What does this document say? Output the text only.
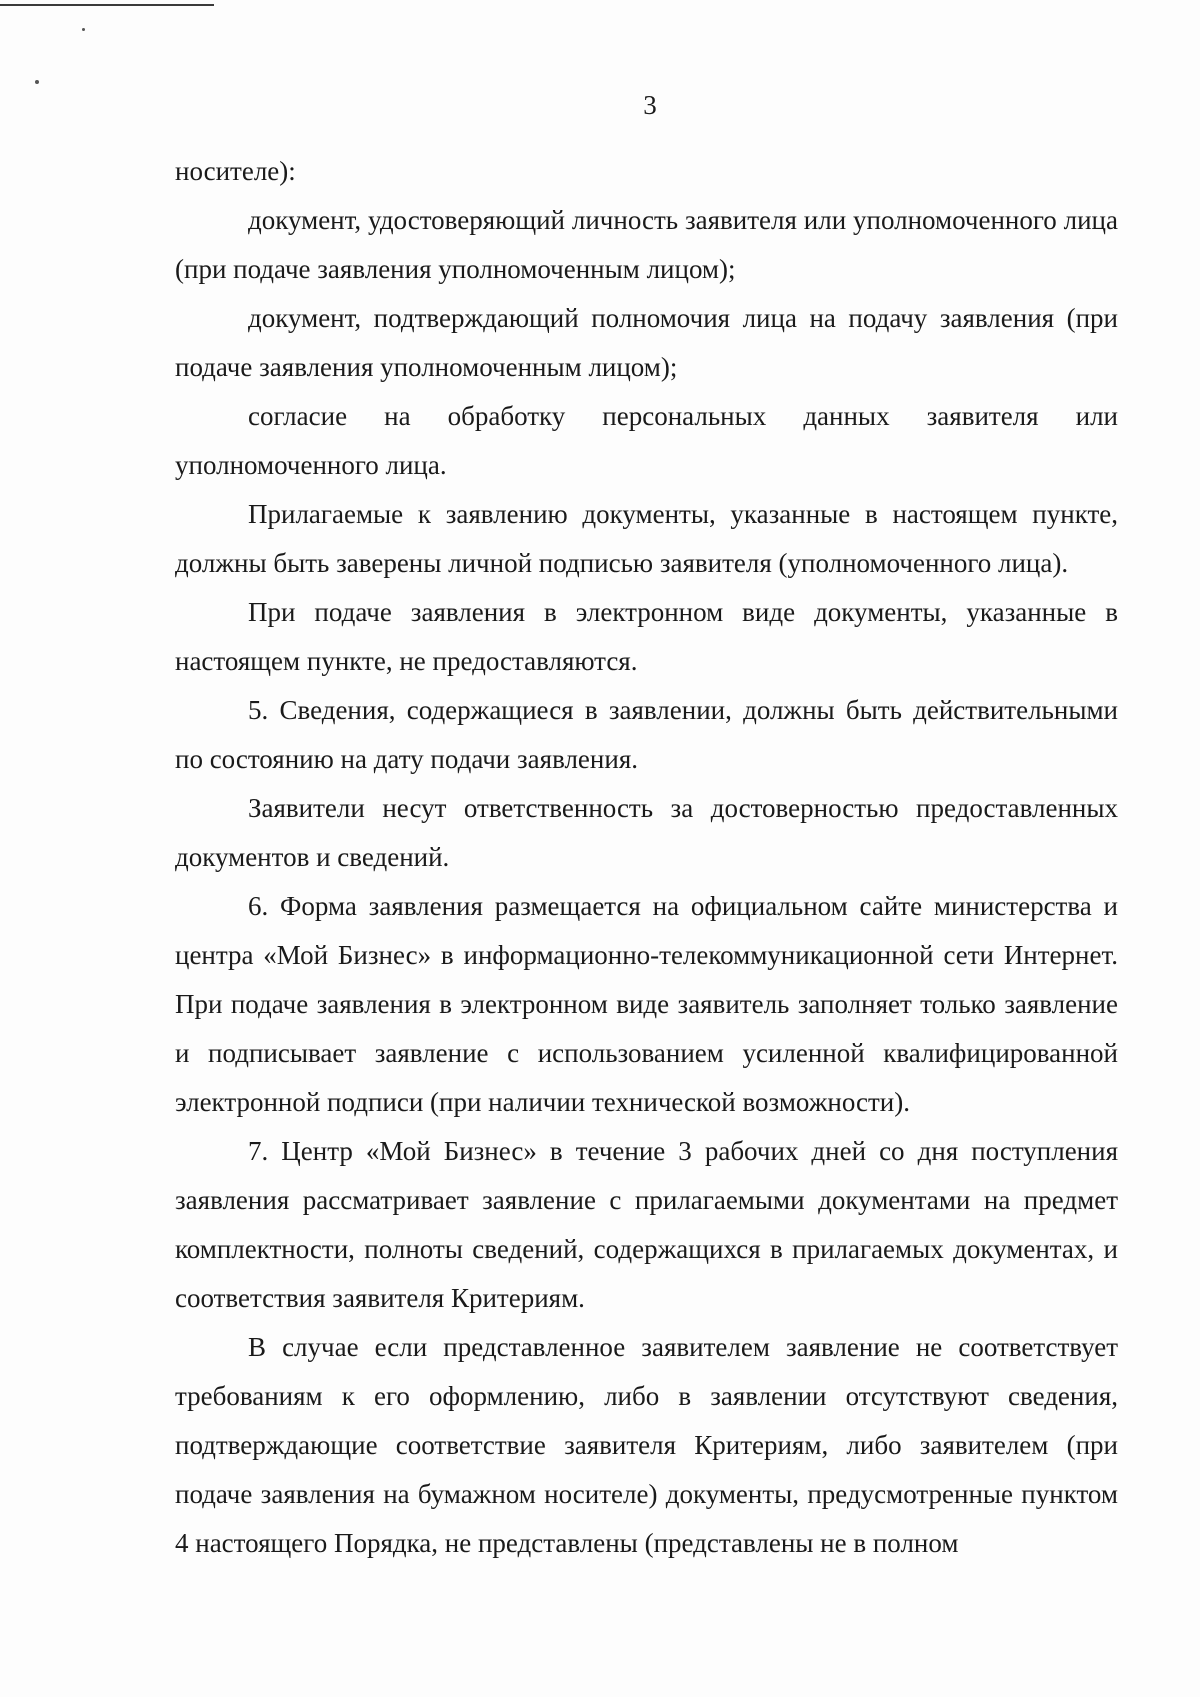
3

носителе):

документ, удостоверяющий личность заявителя или уполномоченного лица (при подаче заявления уполномоченным лицом);

документ, подтверждающий полномочия лица на подачу заявления (при подаче заявления уполномоченным лицом);

согласие на обработку персональных данных заявителя или уполномоченного лица.

Прилагаемые к заявлению документы, указанные в настоящем пункте, должны быть заверены личной подписью заявителя (уполномоченного лица).

При подаче заявления в электронном виде документы, указанные в настоящем пункте, не предоставляются.

5. Сведения, содержащиеся в заявлении, должны быть действительными по состоянию на дату подачи заявления.

Заявители несут ответственность за достоверностью предоставленных документов и сведений.

6. Форма заявления размещается на официальном сайте министерства и центра «Мой Бизнес» в информационно-телекоммуникационной сети Интернет. При подаче заявления в электронном виде заявитель заполняет только заявление и подписывает заявление с использованием усиленной квалифицированной электронной подписи (при наличии технической возможности).

7. Центр «Мой Бизнес» в течение 3 рабочих дней со дня поступления заявления рассматривает заявление с прилагаемыми документами на предмет комплектности, полноты сведений, содержащихся в прилагаемых документах, и соответствия заявителя Критериям.

В случае если представленное заявителем заявление не соответствует требованиям к его оформлению, либо в заявлении отсутствуют сведения, подтверждающие соответствие заявителя Критериям, либо заявителем (при подаче заявления на бумажном носителе) документы, предусмотренные пунктом 4 настоящего Порядка, не представлены (представлены не в полном
